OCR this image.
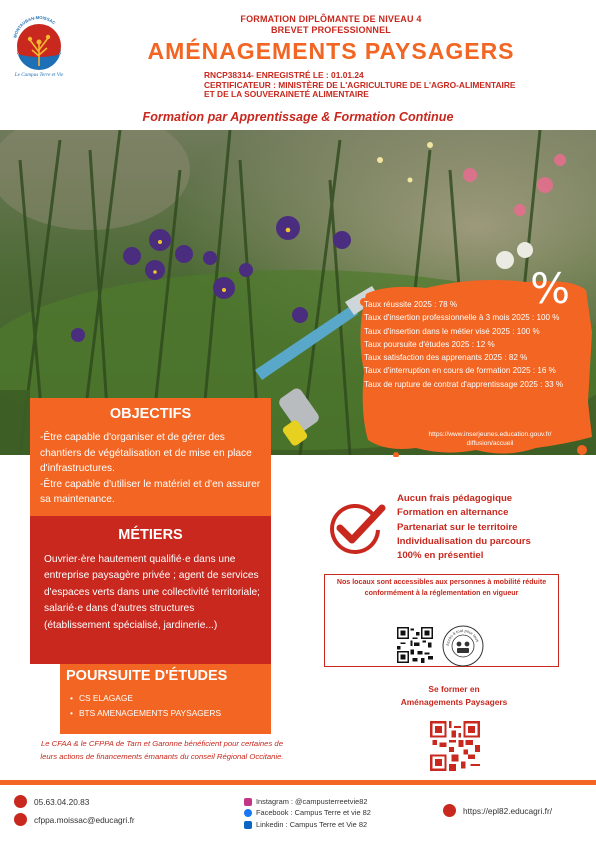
MONTAUBAN-MOISSAC
Le Campus Terre et Vie
FORMATION DIPLÔMANTE DE NIVEAU 4
BREVET PROFESSIONNEL
AMÉNAGEMENTS PAYSAGERS
RNCP38314- ENREGISTRÉ LE : 01.01.24
CERTIFICATEUR : MINISTÈRE DE L'AGRICULTURE DE L'AGRO-ALIMENTAIRE
ET DE LA SOUVERAINETÉ ALIMENTAIRE
Formation par Apprentissage & Formation Continue
%
Taux réussite 2025 : 78 %
Taux d'insertion professionnelle à 3 mois 2025 : 100 %
Taux d'insertion dans le métier visé 2025 : 100 %
Taux poursuite d'études 2025 : 12 %
Taux satisfaction des apprenants 2025 : 82 %
Taux d'interruption en cours de formation 2025 : 16 %
Taux de rupture de contrat d'apprentissage 2025 : 33 %
https://www.inserjeunes.education.gouv.fr/
diffusion/accueil
OBJECTIFS

-Être capable d'organiser et de gérer des chantiers de végétalisation et de mise en place d'infrastructures.

-Être capable d'utiliser le matériel et d'en assurer sa maintenance.

MÉTIERS

Ouvrier·ère hautement qualifié·e dans une entreprise paysagère privée ; agent de services d'espaces verts dans une collectivité territoriale; salarié·e dans d'autres structures (établissement spécialisé, jardinerie...)

POURSUITE D'ÉTUDES
• CS ELAGAGE
• BTS AMENAGEMENTS PAYSAGERS
Le CFAA & le CFPPA de Tarn et Garonne bénéficient pour certaines de
leurs actions de financements émanants du conseil Régional Occitanie.
Aucun frais pédagogique
Formation en alternance
Partenariat sur le territoire
Individualisation du parcours
100% en présentiel

Nos locaux sont accessibles aux personnes à mobilité réduite conformément à la réglementation en vigueur

Accès à tout pour tous
Se former en
Aménagements Paysagers
05.63.04.20.83
cfppa.moissac@educagri.fr
Instagram : @campusterreetvie82
Facebook : Campus Terre et vie 82
Linkedin : Campus Terre et Vie 82
https://epl82.educagri.fr/
